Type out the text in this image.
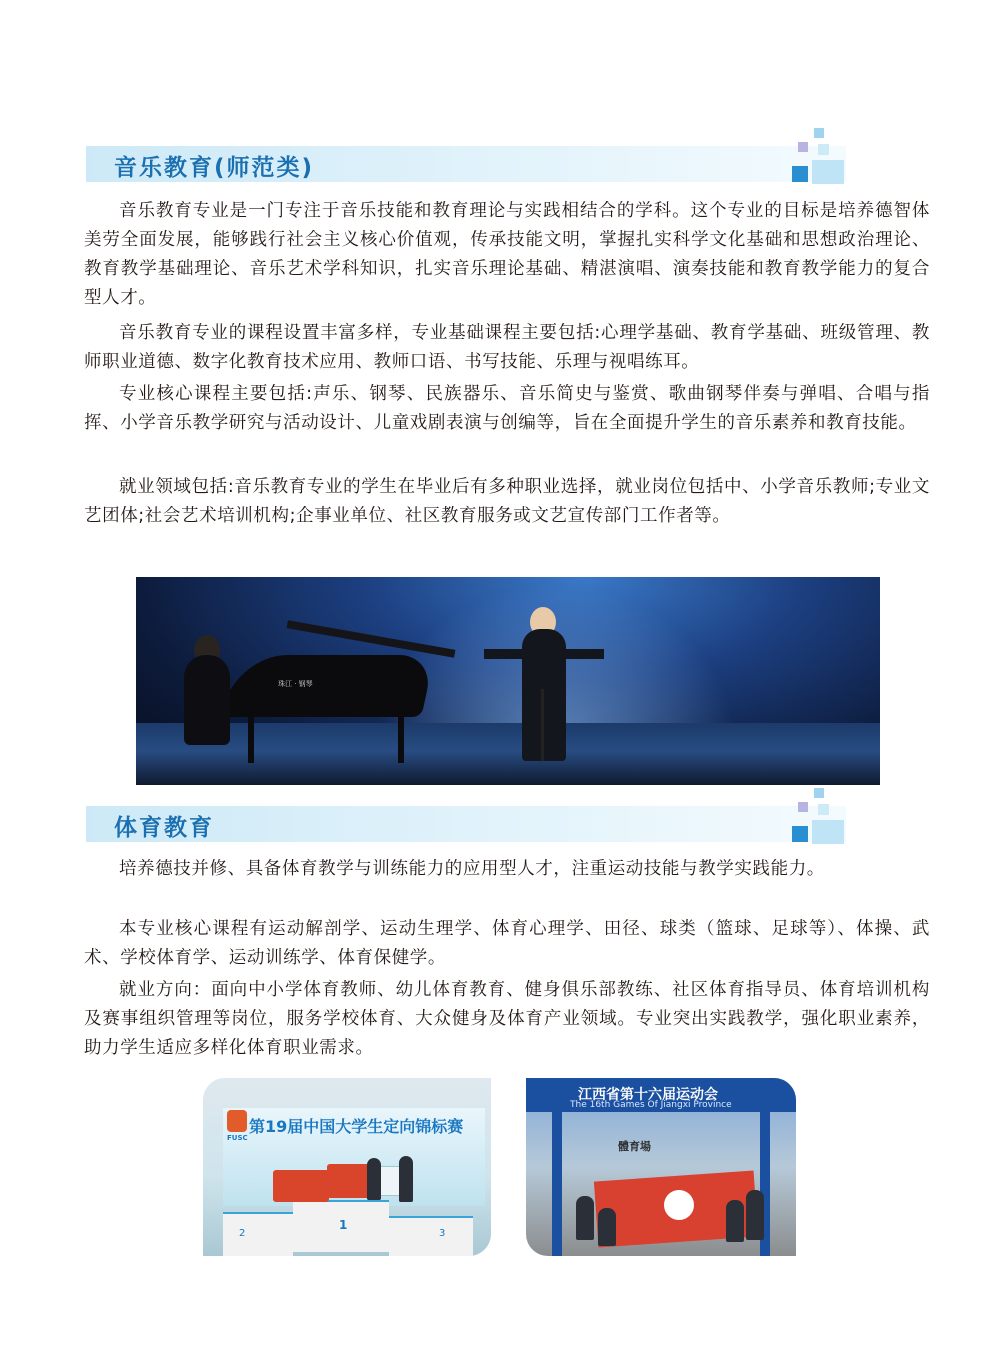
音乐教育(师范类)

音乐教育专业是一门专注于音乐技能和教育理论与实践相结合的学科。这个专业的目标是培养德智体美劳全面发展，能够践行社会主义核心价值观，传承技能文明，掌握扎实科学文化基础和思想政治理论、教育教学基础理论、音乐艺术学科知识，扎实音乐理论基础、精湛演唱、演奏技能和教育教学能力的复合型人才。

音乐教育专业的课程设置丰富多样，专业基础课程主要包括:心理学基础、教育学基础、班级管理、教师职业道德、数字化教育技术应用、教师口语、书写技能、乐理与视唱练耳。

专业核心课程主要包括:声乐、钢琴、民族器乐、音乐简史与鉴赏、歌曲钢琴伴奏与弹唱、合唱与指挥、小学音乐教学研究与活动设计、儿童戏剧表演与创编等，旨在全面提升学生的音乐素养和教育技能。

就业领域包括:音乐教育专业的学生在毕业后有多种职业选择，就业岗位包括中、小学音乐教师;专业文艺团体;社会艺术培训机构;企事业单位、社区教育服务或文艺宣传部门工作者等。

珠江 · 钢琴
体育教育

培养德技并修、具备体育教学与训练能力的应用型人才，注重运动技能与教学实践能力。

本专业核心课程有运动解剖学、运动生理学、体育心理学、田径、球类（篮球、足球等）、体操、武术、学校体育学、运动训练学、体育保健学。

就业方向：面向中小学体育教师、幼儿体育教育、健身俱乐部教练、社区体育指导员、体育培训机构及赛事组织管理等岗位，服务学校体育、大众健身及体育产业领域。专业突出实践教学，强化职业素养，助力学生适应多样化体育职业需求。

FUSC
第19届中国大学生定向锦标赛
2
1
3
江西省第十六届运动会
The 16th Games Of Jiangxi Province
體育場
